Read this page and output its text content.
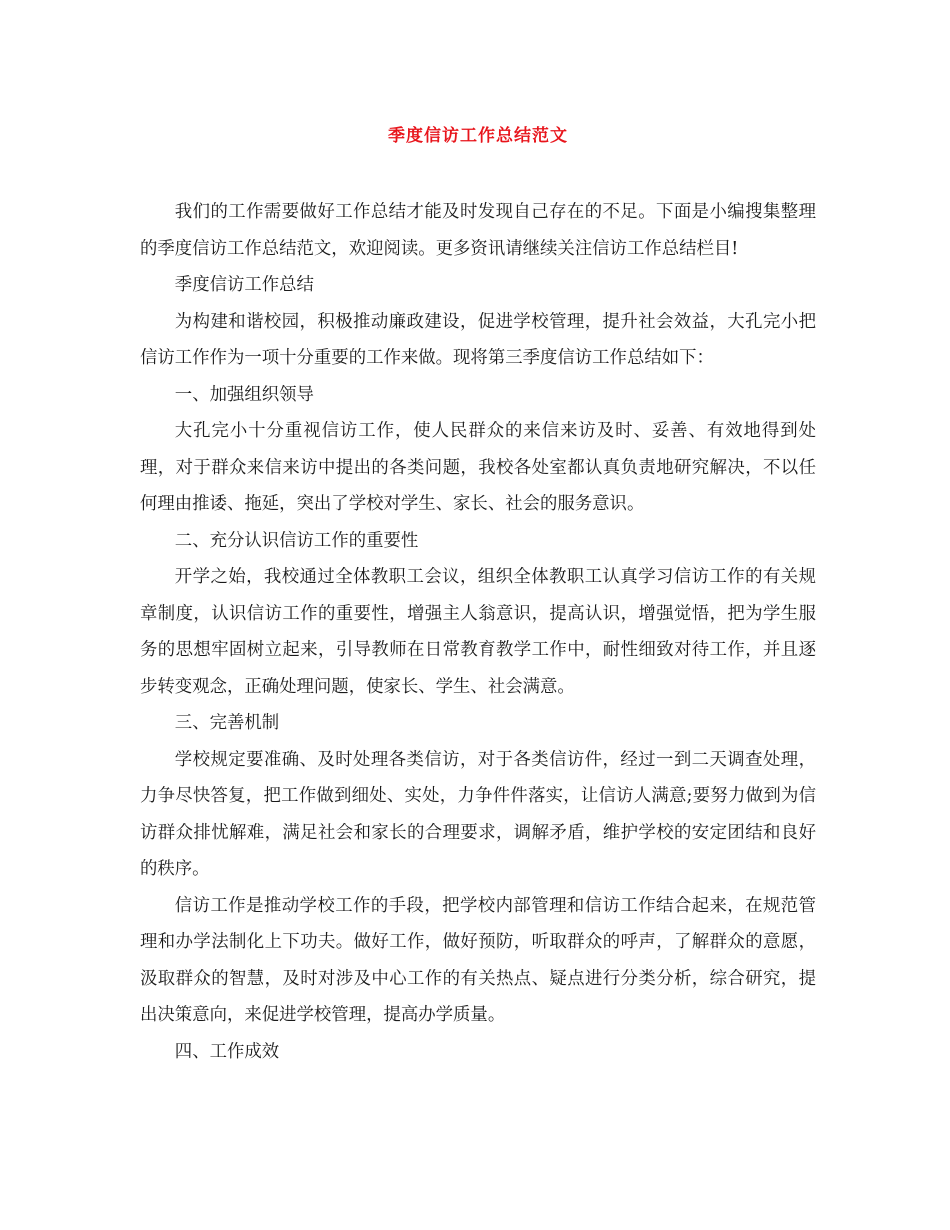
季度信访工作总结范文

我们的工作需要做好工作总结才能及时发现自己存在的不足。下面是小编搜集整理的季度信访工作总结范文，欢迎阅读。更多资讯请继续关注信访工作总结栏目!

季度信访工作总结

为构建和谐校园，积极推动廉政建设，促进学校管理，提升社会效益，大孔完小把信访工作作为一项十分重要的工作来做。现将第三季度信访工作总结如下：

一、加强组织领导

大孔完小十分重视信访工作，使人民群众的来信来访及时、妥善、有效地得到处理，对于群众来信来访中提出的各类问题，我校各处室都认真负责地研究解决，不以任何理由推诿、拖延，突出了学校对学生、家长、社会的服务意识。

二、充分认识信访工作的重要性

开学之始，我校通过全体教职工会议，组织全体教职工认真学习信访工作的有关规章制度，认识信访工作的重要性，增强主人翁意识，提高认识，增强觉悟，把为学生服务的思想牢固树立起来，引导教师在日常教育教学工作中，耐性细致对待工作，并且逐步转变观念，正确处理问题，使家长、学生、社会满意。

三、完善机制

学校规定要准确、及时处理各类信访，对于各类信访件，经过一到二天调查处理，力争尽快答复，把工作做到细处、实处，力争件件落实，让信访人满意;要努力做到为信访群众排忧解难，满足社会和家长的合理要求，调解矛盾，维护学校的安定团结和良好的秩序。

信访工作是推动学校工作的手段，把学校内部管理和信访工作结合起来，在规范管理和办学法制化上下功夫。做好工作，做好预防，听取群众的呼声，了解群众的意愿，汲取群众的智慧，及时对涉及中心工作的有关热点、疑点进行分类分析，综合研究，提出决策意向，来促进学校管理，提高办学质量。

四、工作成效
